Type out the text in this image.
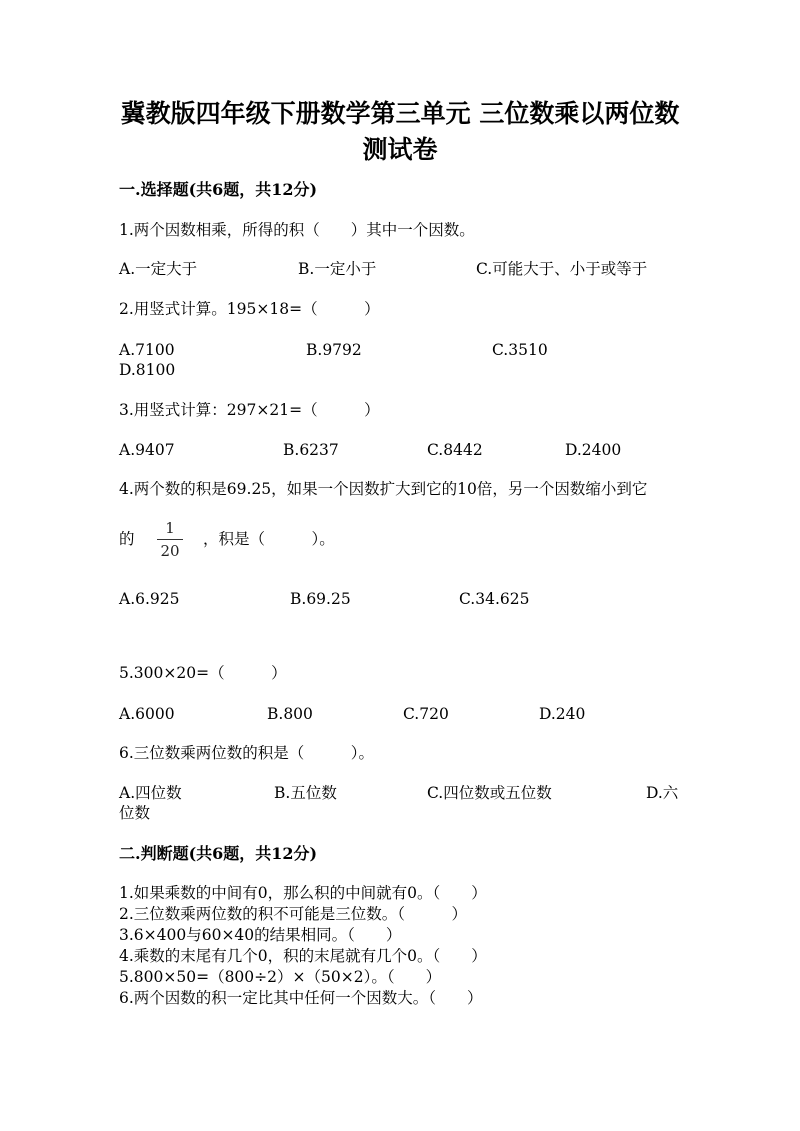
冀教版四年级下册数学第三单元 三位数乘以两位数
测试卷
一.选择题(共6题，共12分)
1.两个因数相乘，所得的积（　　）其中一个因数。
A.一定大于	B.一定小于	C.可能大于、小于或等于
2.用竖式计算。195×18=（　　　）
A.7100	B.9792	C.3510
D.8100
3.用竖式计算：297×21=（　　　）
A.9407	B.6237	C.8442	D.2400
4.两个数的积是69.25，如果一个因数扩大到它的10倍，另一个因数缩小到它
的
1
20
，积是（　　　）。
A.6.925	B.69.25	C.34.625
5.300×20=（　　　）
A.6000	B.800	C.720	D.240
6.三位数乘两位数的积是（　　　）。
A.四位数	B.五位数	C.四位数或五位数	D.六
位数
二.判断题(共6题，共12分)
1.如果乘数的中间有0，那么积的中间就有0。（　　）
2.三位数乘两位数的积不可能是三位数。（　　　）
3.6×400与60×40的结果相同。（　　）
4.乘数的末尾有几个0，积的末尾就有几个0。（　　）
5.800×50=（800÷2）×（50×2）。（　　）
6.两个因数的积一定比其中任何一个因数大。（　　）
